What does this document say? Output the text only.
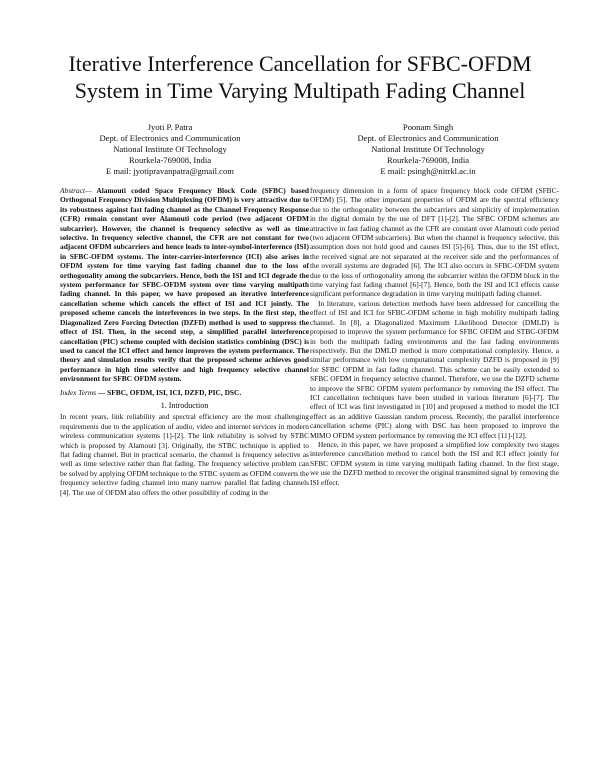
Iterative Interference Cancellation for SFBC-OFDM
System in Time Varying Multipath Fading Channel
Jyoti P. Patra
Dept. of Electronics and Communication
National Institute Of Technology
Rourkela-769008, India
E mail: jyotipravanpatra@gmail.com
Poonam Singh
Dept. of Electronics and Communication
National Institute Of Technology
Rourkela-769008, India
E mail: psingh@nitrkl.ac.in

Abstract— Alamouti coded Space Frequency Block Code (SFBC) based Orthogonal Frequency Division Multiplexing (OFDM) is very attractive due to its robustness against fast fading channel as the Channel Frequency Response (CFR) remain constant over Alamouti code period (two adjacent OFDM subcarrier). However, the channel is frequency selective as well as time selective. In frequency selective channel, the CFR are not constant for two adjacent OFDM subcarriers and hence leads to inter-symbol-interference (ISI) in SFBC-OFDM systems. The inter-carrier-interference (ICI) also arises in OFDM system for time varying fast fading channel due to the loss of orthogonality among the subcarriers. Hence, both the ISI and ICI degrade the system performance for SFBC-OFDM system over time varying multipath fading channel. In this paper, we have proposed an iterative interference cancellation scheme which cancels the effect of ISI and ICI jointly. The proposed scheme cancels the interferences in two steps. In the first step, the Diagonalized Zero Forcing Detection (DZFD) method is used to suppress the effect of ISI. Then, in the second step, a simplified parallel interference cancellation (PIC) scheme coupled with decision statistics combining (DSC) is used to cancel the ICI effect and hence improves the system performance. The theory and simulation results verify that the proposed scheme achieves good performance in high time selective and high frequency selective channel environment for SFBC OFDM system.

Index Terms — SFBC, OFDM, ISI, ICI, DZFD, PIC, DSC.

1. Introduction

In recent years, link reliability and spectral efficiency are the most challenging requirements due to the application of audio, video and internet services in modern wireless communication systems [1]-[2]. The link reliability is solved by STBC which is proposed by Alamouti [3]. Originally, the STBC technique is applied to flat fading channel. But in practical scenario, the channel is frequency selective as well as time selective rather than flat fading. The frequency selective problem can be solved by applying OFDM technique to the STBC system as OFDM converts the frequency selective fading channel into many narrow parallel flat fading channels [4]. The use of OFDM also offers the other possibility of coding in the

frequency dimension in a form of space frequency block code OFDM (SFBC-OFDM) [5]. The other important properties of OFDM are the spectral efficiency due to the orthogonality between the subcarriers and simplicity of implementation in the digital domain by the use of DFT [1]-[2]. The SFBC OFDM schemes are attractive in fast fading channel as the CFR are constant over Alamouti code period (two adjacent OFDM subcarriers). But when the channel is frequency selective, this assumption does not hold good and causes ISI [5]-[6]. Thus, due to the ISI effect, the received signal are not separated at the receiver side and the performances of the overall systems are degraded [6]. The ICI also occurs in SFBC-OFDM system due to the loss of orthogonality among the subcarrier within the OFDM block in the time varying fast fading channel [6]-[7]. Hence, both the ISI and ICI effects cause significant performance degradation in time varying multipath fading channel.

In literature, various detection methods have been addressed for cancelling the effect of ISI and ICI for SFBC-OFDM scheme in high mobility multipath fading channel. In [8], a Diagonalized Maximum Likelihood Detector (DMLD) is proposed to improve the system performance for SFBC OFDM and STBC-OFDM in both the multipath fading environments and the fast fading environments respectively. But the DMLD method is more computational complexity. Hence, a similar performance with low computational complexity DZFD is proposed in [9] for SFBC OFDM in fast fading channel. This scheme can be easily extended to SFBC OFDM in frequency selective channel. Therefore, we use the DZFD scheme to improve the SFBC OFDM system performance by removing the ISI effect. The ICI cancellation techniques have been studied in various literature [6]-[7]. The effect of ICI was first investigated in [10] and proposed a method to model the ICI effect as an additive Gaussian random process. Recently, the parallel interference cancellation scheme (PIC) along with DSC has been proposed to improve the MIMO OFDM system performance by removing the ICI effect [11]-[12].

Hence, in this paper, we have proposed a simplified low complexity two stages interference cancellation method to cancel both the ISI and ICI effect jointly for SFBC OFDM system in time varying multipath fading channel. In the first stage, we use the DZFD method to recover the original transmitted signal by removing the ISI effect.
